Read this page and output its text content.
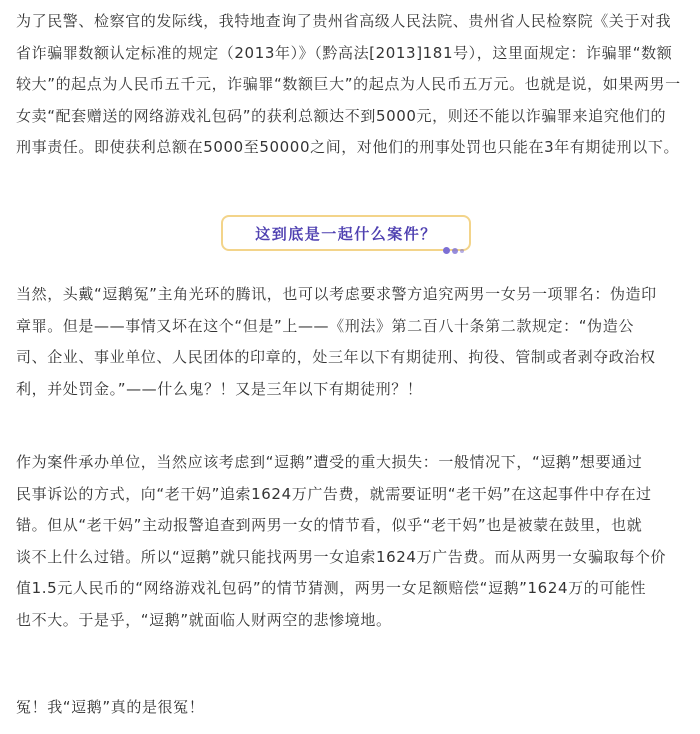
为了民警、检察官的发际线，我特地查询了贵州省高级人民法院、贵州省人民检察院《关于对我
省诈骗罪数额认定标准的规定（2013年）》（黔高法[2013]181号），这里面规定：诈骗罪“数额
较大”的起点为人民币五千元，诈骗罪“数额巨大”的起点为人民币五万元。也就是说，如果两男一
女卖“配套赠送的网络游戏礼包码”的获利总额达不到5000元，则还不能以诈骗罪来追究他们的
刑事责任。即使获利总额在5000至50000之间，对他们的刑事处罚也只能在3年有期徒刑以下。
这到底是一起什么案件？
当然，头戴“逗鹅冤”主角光环的腾讯，也可以考虑要求警方追究两男一女另一项罪名：伪造印
章罪。但是——事情又坏在这个“但是”上——《刑法》第二百八十条第二款规定：“伪造公
司、企业、事业单位、人民团体的印章的，处三年以下有期徒刑、拘役、管制或者剥夺政治权
利，并处罚金。”——什么鬼？！又是三年以下有期徒刑？！
作为案件承办单位，当然应该考虑到“逗鹅”遭受的重大损失：一般情况下，“逗鹅”想要通过
民事诉讼的方式，向“老干妈”追索1624万广告费，就需要证明“老干妈”在这起事件中存在过
错。但从“老干妈”主动报警追查到两男一女的情节看，似乎“老干妈”也是被蒙在鼓里，也就
谈不上什么过错。所以“逗鹅”就只能找两男一女追索1624万广告费。而从两男一女骗取每个价
值1.5元人民币的“网络游戏礼包码”的情节猜测，两男一女足额赔偿“逗鹅”1624万的可能性
也不大。于是乎，“逗鹅”就面临人财两空的悲惨境地。
冤！我“逗鹅”真的是很冤！
